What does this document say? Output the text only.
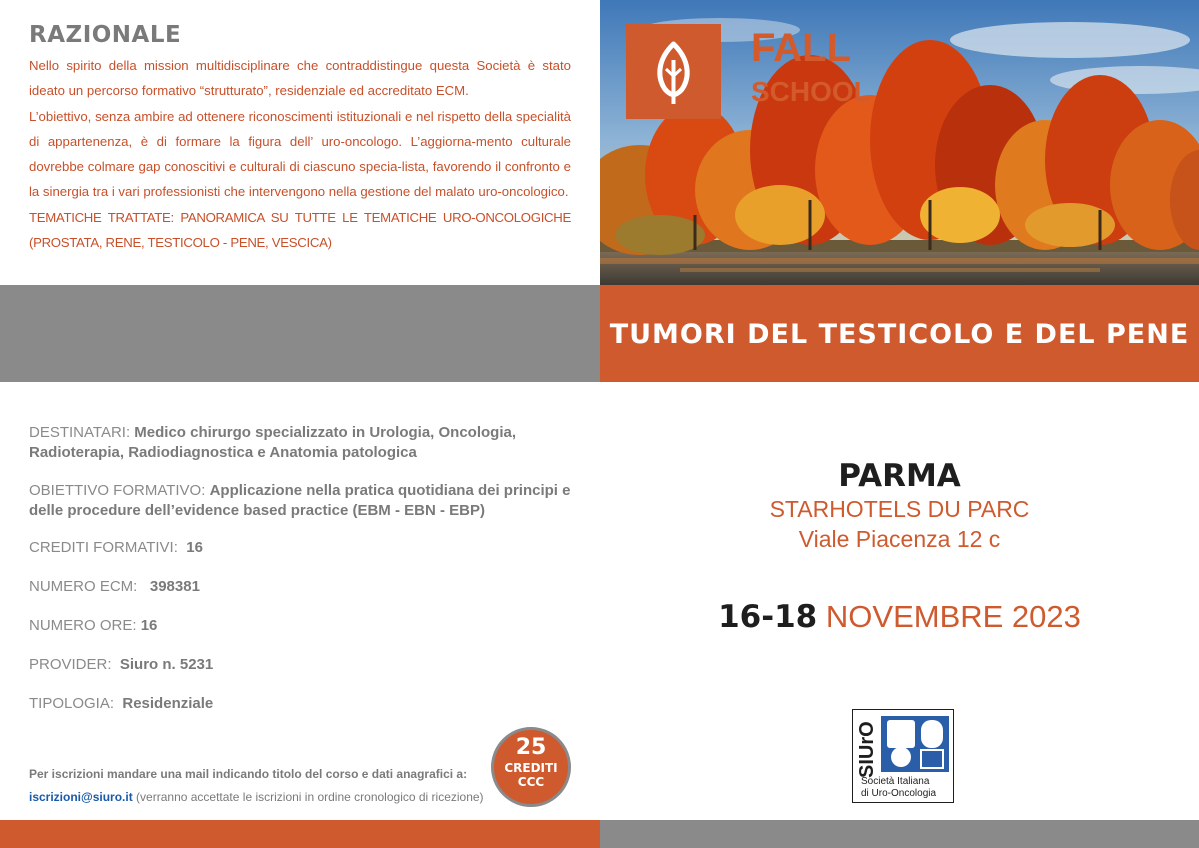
RAZIONALE

Nello spirito della mission multidisciplinare che contraddistingue questa Società è stato ideato un percorso formativo “strutturato”, residenziale ed accreditato ECM.

L’obiettivo, senza ambire ad ottenere riconoscimenti istituzionali e nel rispetto della specialità di appartenenza, è di formare la figura dell’ uro-oncologo. L’aggiorna-mento culturale dovrebbe colmare gap conoscitivi e culturali di ciascuno specia-lista, favorendo il confronto e la sinergia tra i vari professionisti che intervengono nella gestione del malato uro-oncologico.

TEMATICHE TRATTATE: PANORAMICA SU TUTTE LE TEMATICHE URO-ONCOLOGICHE (PROSTATA, RENE, TESTICOLO - PENE, VESCICA)

FALL
SCHOOL
TUMORI DEL TESTICOLO E DEL PENE
DESTINATARI: Medico chirurgo specializzato in Urologia, Oncologia, Radioterapia, Radiodiagnostica e Anatomia patologica
OBIETTIVO FORMATIVO: Applicazione nella pratica quotidiana dei principi e delle procedure dell’evidence based practice (EBM - EBN - EBP)
CREDITI FORMATIVI: 16
NUMERO ECM: 398381
NUMERO ORE: 16
PROVIDER: Siuro n. 5231
TIPOLOGIA: Residenziale
Per iscrizioni mandare una mail indicando titolo del corso e dati anagrafici a:
iscrizioni@siuro.it (verranno accettate le iscrizioni in ordine cronologico di ricezione)
25
CREDITI
CCC
PARMA
STARHOTELS DU PARC
Viale Piacenza 12 c
16-18 NOVEMBRE 2023
SIUrO
Società Italiana
di Uro-Oncologia
